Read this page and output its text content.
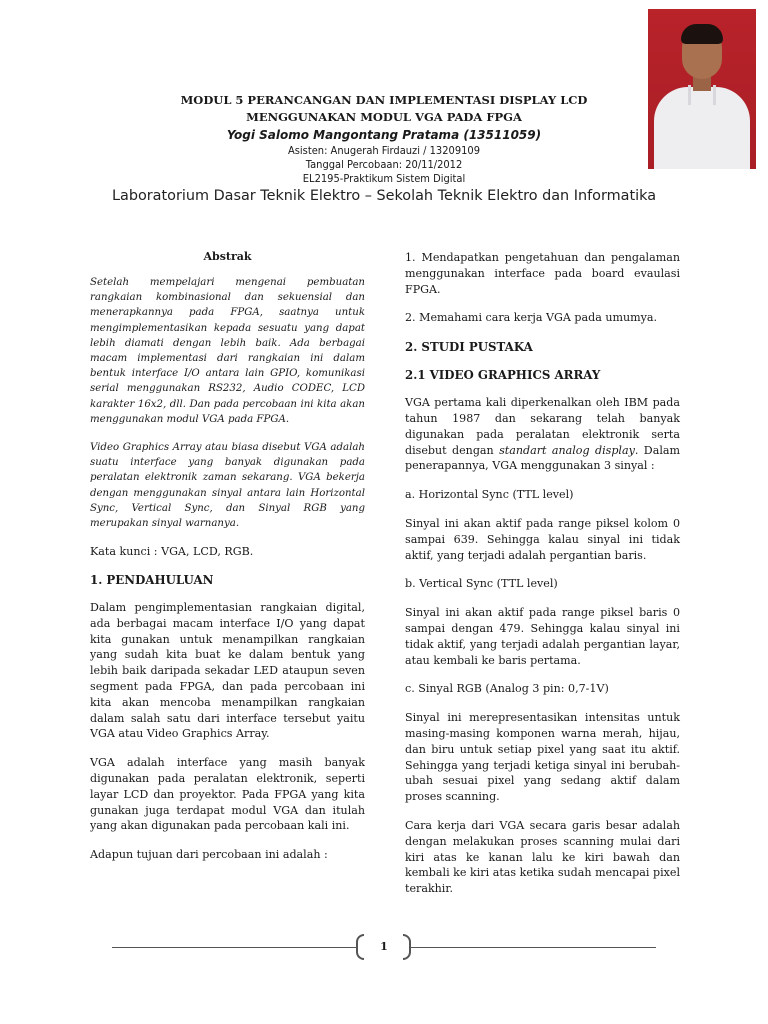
MODUL 5 PERANCANGAN DAN IMPLEMENTASI DISPLAY LCD
MENGGUNAKAN MODUL VGA PADA FPGA
Yogi Salomo Mangontang Pratama (13511059)
Asisten: Anugerah Firdauzi / 13209109
Tanggal Percobaan: 20/11/2012
EL2195-Praktikum Sistem Digital
Laboratorium Dasar Teknik Elektro – Sekolah Teknik Elektro dan Informatika
Abstrak

Setelah mempelajari mengenai pembuatan rangkaian kombinasional dan sekuensial dan menerapkannya pada FPGA, saatnya untuk mengimplementasikan kepada sesuatu yang dapat lebih diamati dengan lebih baik. Ada berbagai macam implementasi dari rangkaian ini dalam bentuk interface I/O antara lain GPIO, komunikasi serial menggunakan RS232, Audio CODEC, LCD karakter 16x2, dll. Dan pada percobaan ini kita akan menggunakan modul VGA pada FPGA.

Video Graphics Array atau biasa disebut VGA adalah suatu interface yang banyak digunakan pada peralatan elektronik zaman sekarang. VGA bekerja dengan menggunakan sinyal antara lain Horizontal Sync, Vertical Sync, dan Sinyal RGB yang merupakan sinyal warnanya.

Kata kunci : VGA, LCD, RGB.

1. PENDAHULUAN

Dalam pengimplementasian rangkaian digital, ada berbagai macam interface I/O yang dapat kita gunakan untuk menampilkan rangkaian yang sudah kita buat ke dalam bentuk yang lebih baik daripada sekadar LED ataupun seven segment pada FPGA, dan pada percobaan ini kita akan mencoba menampilkan rangkaian dalam salah satu dari interface tersebut yaitu VGA atau Video Graphics Array.

VGA adalah interface yang masih banyak digunakan pada peralatan elektronik, seperti layar LCD dan proyektor. Pada FPGA yang kita gunakan juga terdapat modul VGA dan itulah yang akan digunakan pada percobaan kali ini.

Adapun tujuan dari percobaan ini adalah :

1. Mendapatkan pengetahuan dan pengalaman menggunakan interface pada board evaulasi FPGA.

2. Memahami cara kerja VGA pada umumya.

2. STUDI PUSTAKA
2.1 VIDEO GRAPHICS ARRAY

VGA pertama kali diperkenalkan oleh IBM pada tahun 1987 dan sekarang telah banyak digunakan pada peralatan elektronik serta disebut dengan standart analog display. Dalam penerapannya, VGA menggunakan 3 sinyal :

a. Horizontal Sync (TTL level)

Sinyal ini akan aktif pada range piksel kolom 0 sampai 639. Sehingga kalau sinyal ini tidak aktif, yang terjadi adalah pergantian baris.

b. Vertical Sync (TTL level)

Sinyal ini akan aktif pada range piksel baris 0 sampai dengan 479. Sehingga kalau sinyal ini tidak aktif, yang terjadi adalah pergantian layar, atau kembali ke baris pertama.

c. Sinyal RGB (Analog 3 pin: 0,7-1V)

Sinyal ini merepresentasikan intensitas untuk masing-masing komponen warna merah, hijau, dan biru untuk setiap pixel yang saat itu aktif. Sehingga yang terjadi ketiga sinyal ini berubah-ubah sesuai pixel yang sedang aktif dalam proses scanning.

Cara kerja dari VGA secara garis besar adalah dengan melakukan proses scanning mulai dari kiri atas ke kanan lalu ke kiri bawah dan kembali ke kiri atas ketika sudah mencapai pixel terakhir.

1
